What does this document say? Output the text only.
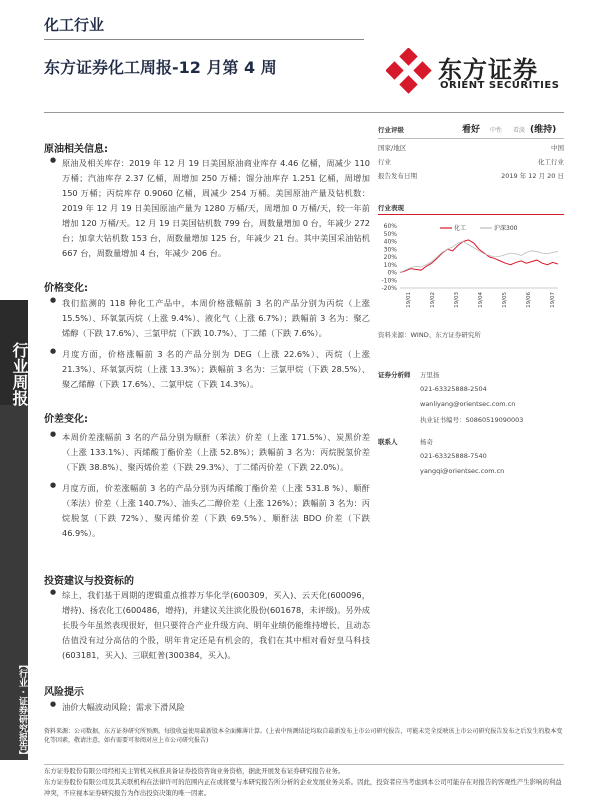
化工行业
东方证券化工周报-12 月第 4 周	东方证券
ORIENT SECURITIES
行业周报
【行业 · 证券研究报告】
原油相关信息:
● 原油及相关库存：2019 年 12 月 19 日美国原油商业库存 4.46 亿桶，周减少 110 万桶；汽油库存 2.37 亿桶，周增加 250 万桶；馏分油库存 1.251 亿桶，周增加 150 万桶；丙烷库存 0.9060 亿桶，周减少 254 万桶。美国原油产量及钻机数：2019 年 12 月 19 日美国原油产量为 1280 万桶/天，周增加 0 万桶/天，较一年前增加 120 万桶/天。12 月 19 日美国钻机数 799 台，周数量增加 0 台，年减少 272 台；加拿大钻机数 153 台，周数量增加 125 台，年减少 21 台。其中美国采油钻机 667 台，周数量增加 4 台，年减少 206 台。
价格变化:
● 我们监测的 118 种化工产品中，本周价格涨幅前 3 名的产品分别为丙烷（上涨 15.5%）、环氧氯丙烷（上涨 9.4%）、液化气（上涨 6.7%）；跌幅前 3 名为：聚乙烯醇（下跌 17.6%）、三氯甲烷（下跌 10.7%）、丁二烯（下跌 7.6%）。
● 月度方面，价格涨幅前 3 名的产品分别为 DEG（上涨 22.6%）、丙烷（上涨 21.3%）、环氧氯丙烷（上涨 13.3%）；跌幅前 3 名为：三氯甲烷（下跌 28.5%）、聚乙烯醇（下跌 17.6%）、二氯甲烷（下跌 14.3%）。
价差变化:
● 本周价差涨幅前 3 名的产品分别为顺酐（苯法）价差（上涨 171.5%）、炭黑价差（上涨 133.1%）、丙烯酸丁酯价差（上涨 52.8%）；跌幅前 3 名为：丙烷脱氢价差（下跌 38.8%）、聚丙烯价差（下跌 29.3%）、丁二烯丙价差（下跌 22.0%）。
● 月度方面，价差涨幅前 3 名的产品分别为丙烯酸丁酯价差（上涨 531.8 %）、顺酐（苯法）价差（上涨 140.7%）、油头乙二醇价差（上涨 126%）；跌幅前 3 名为：丙烷脱氢（下跌 72%）、聚丙烯价差（下跌 69.5%）、顺酐法 BDO 价差（下跌 46.9%）。
投资建议与投资标的
● 综上，我们基于周期的逻辑重点推荐万华化学(600309，买入)、云天化(600096，增持)、扬农化工(600486，增持)，并建议关注滨化股份(601678，未评级)。另外成长股今年虽然表现很好，但只要符合产业升级方向、明年业绩仍能维持增长、且动态估值没有过分高估的个股，明年肯定还是有机会的，我们在其中相对看好皇马科技(603181，买入)、三联虹普(300384，买入)。
风险提示
● 油价大幅波动风险；需求下滑风险
行业评级	看好 中性 看淡 (维持)
国家/地区	中国
行业	化工行业
报告发布日期	2019 年 12 月 20 日
行业表现
60%
50%
40%
30%
20%
10%
0%
-10%
-20%
19/01	19/02	19/03	19/04	19/05	19/06	19/07
化工	沪深300
资料来源：WIND、东方证券研究所
证券分析师 万里扬
021-63325888-2504
wanliyang@orientsec.com.cn
执业证书编号：S0860519090003
联系人	杨奇
021-63325888-7540
yangqi@orientsec.com.cn
资料来源：公司数据，东方证券研究所预测。每股收益使用最新股本全面摊薄计算。(上表中预测结论均取自最新发布上市公司研究报告，可能未完全反映该上市公司研究报告发布之后发生的股本变化等因素，敬请注意，如有需要可参阅对应上市公司研究报告)
东方证券股份有限公司经相关主管机关核准具备证券投资咨询业务资格，据此开展发布证券研究报告业务。
东方证券股份有限公司及其关联机构在法律许可的范围内正在或将要与本研究报告所分析的企业发展业务关系。因此，投资者应当考虑到本公司可能存在对报告的客观性产生影响的利益冲突，不应视本证券研究报告为作出投资决策的唯一因素。
